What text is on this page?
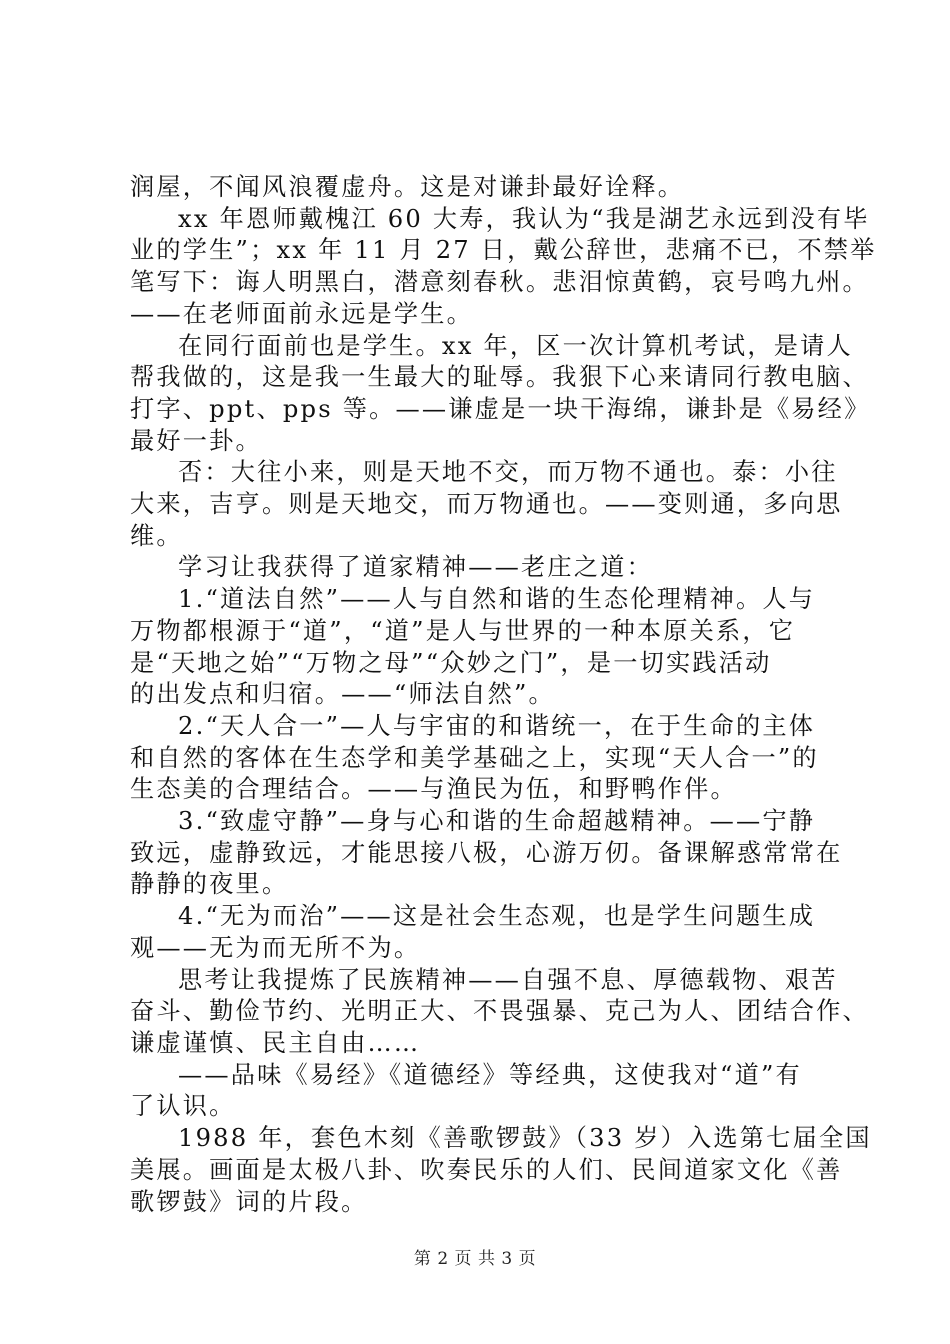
润屋，不闻风浪覆虚舟。这是对谦卦最好诠释。

xx 年恩师戴槐江 60 大寿，我认为“我是湖艺永远到没有毕
业的学生”；xx 年 11 月 27 日，戴公辞世，悲痛不已，不禁举
笔写下：诲人明黑白，潜意刻春秋。悲泪惊黄鹤，哀号鸣九州。
——在老师面前永远是学生。

在同行面前也是学生。xx 年，区一次计算机考试，是请人
帮我做的，这是我一生最大的耻辱。我狠下心来请同行教电脑、
打字、ppt、pps 等。——谦虚是一块干海绵，谦卦是《易经》
最好一卦。

否：大往小来，则是天地不交，而万物不通也。泰：小往
大来，吉亨。则是天地交，而万物通也。——变则通，多向思
维。

学习让我获得了道家精神——老庄之道：

1.“道法自然”——人与自然和谐的生态伦理精神。人与
万物都根源于“道”，“道”是人与世界的一种本原关系，它
是“天地之始”“万物之母”“众妙之门”，是一切实践活动
的出发点和归宿。——“师法自然”。

2.“天人合一”—人与宇宙的和谐统一，在于生命的主体
和自然的客体在生态学和美学基础之上，实现“天人合一”的
生态美的合理结合。——与渔民为伍，和野鸭作伴。

3.“致虚守静”—身与心和谐的生命超越精神。——宁静
致远，虚静致远，才能思接八极，心游万仞。备课解惑常常在
静静的夜里。

4.“无为而治”——这是社会生态观，也是学生问题生成
观——无为而无所不为。

思考让我提炼了民族精神——自强不息、厚德载物、艰苦
奋斗、勤俭节约、光明正大、不畏强暴、克己为人、团结合作、
谦虚谨慎、民主自由……

——品味《易经》《道德经》等经典，这使我对“道”有
了认识。

1988 年，套色木刻《善歌锣鼓》（33 岁）入选第七届全国
美展。画面是太极八卦、吹奏民乐的人们、民间道家文化《善
歌锣鼓》词的片段。

第 2 页 共 3 页
